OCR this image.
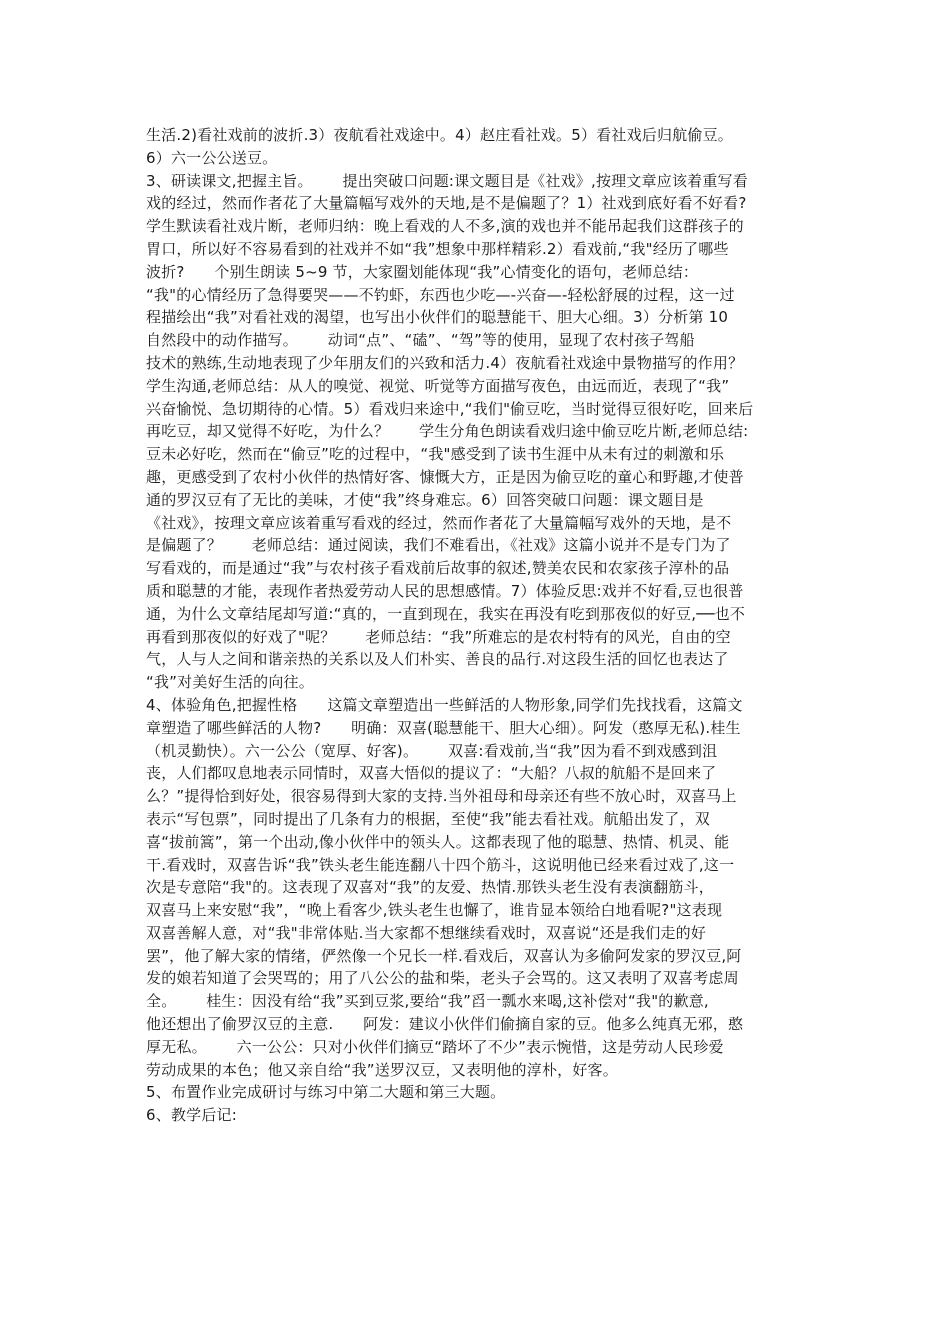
生活.2)看社戏前的波折.3）夜航看社戏途中。4）赵庄看社戏。5）看社戏后归航偷豆。
6）六一公公送豆。
3、研读课文,把握主旨。      提出突破口问题:课文题目是《社戏》,按理文章应该着重写看
戏的经过，然而作者花了大量篇幅写戏外的天地,是不是偏题了？1）社戏到底好看不好看?
学生默读看社戏片断，老师归纳：晚上看戏的人不多,演的戏也并不能吊起我们这群孩子的
胃口，所以好不容易看到的社戏并不如“我”想象中那样精彩.2）看戏前,“我"经历了哪些
波折?      个别生朗读 5~9 节，大家圈划能体现“我”心情变化的语句，老师总结：
“我"的心情经历了急得要哭——不钓虾，东西也少吃—-兴奋—-轻松舒展的过程，这一过
程描绘出“我”对看社戏的渴望，也写出小伙伴们的聪慧能干、胆大心细。3）分析第 10
自然段中的动作描写。      动词“点”、“磕”、“驾”等的使用，显现了农村孩子驾船
技术的熟练,生动地表现了少年朋友们的兴致和活力.4）夜航看社戏途中景物描写的作用？
学生沟通,老师总结：从人的嗅觉、视觉、听觉等方面描写夜色，由远而近，表现了“我”
兴奋愉悦、急切期待的心情。5）看戏归来途中,“我们"偷豆吃，当时觉得豆很好吃，回来后
再吃豆，却又觉得不好吃，为什么？      学生分角色朗读看戏归途中偷豆吃片断,老师总结:
豆未必好吃，然而在“偷豆”吃的过程中，“我"感受到了读书生涯中从未有过的刺激和乐
趣，更感受到了农村小伙伴的热情好客、慷慨大方，正是因为偷豆吃的童心和野趣,才使普
通的罗汉豆有了无比的美味，才使“我”终身难忘。6）回答突破口问题：课文题目是
《社戏》，按理文章应该着重写看戏的经过，然而作者花了大量篇幅写戏外的天地，是不
是偏题了？      老师总结：通过阅读，我们不难看出，《社戏》这篇小说并不是专门为了
写看戏的，而是通过“我”与农村孩子看戏前后故事的叙述,赞美农民和农家孩子淳朴的品
质和聪慧的才能，表现作者热爱劳动人民的思想感情。7）体验反思:戏并不好看,豆也很普
通，为什么文章结尾却写道:“真的，一直到现在，我实在再没有吃到那夜似的好豆,──也不
再看到那夜似的好戏了"呢？      老师总结：“我”所难忘的是农村特有的风光，自由的空
气，人与人之间和谐亲热的关系以及人们朴实、善良的品行.对这段生活的回忆也表达了
“我”对美好生活的向往。
4、体验角色,把握性格      这篇文章塑造出一些鲜活的人物形象,同学们先找找看，这篇文
章塑造了哪些鲜活的人物?      明确：双喜(聪慧能干、胆大心细）。阿发（憨厚无私).桂生
（机灵勤快）。六一公公（宽厚、好客)。      双喜:看戏前,当“我”因为看不到戏感到沮
丧，人们都叹息地表示同情时，双喜大悟似的提议了：“大船？八叔的航船不是回来了
么？”提得恰到好处，很容易得到大家的支持.当外祖母和母亲还有些不放心时，双喜马上
表示“写包票”，同时提出了几条有力的根据，至使“我”能去看社戏。航船出发了，双
喜“拔前篙”，第一个出动,像小伙伴中的领头人。这都表现了他的聪慧、热情、机灵、能
干.看戏时，双喜告诉“我”铁头老生能连翻八十四个筋斗，这说明他已经来看过戏了,这一
次是专意陪“我"的。这表现了双喜对“我”的友爱、热情.那铁头老生没有表演翻筋斗，
双喜马上来安慰“我”，“晚上看客少,铁头老生也懈了，谁肯显本领给白地看呢?"这表现
双喜善解人意，对“我"非常体贴.当大家都不想继续看戏时，双喜说“还是我们走的好
罢”，他了解大家的情绪，俨然像一个兄长一样.看戏后，双喜认为多偷阿发家的罗汉豆,阿
发的娘若知道了会哭骂的；用了八公公的盐和柴，老头子会骂的。这又表明了双喜考虑周
全。      桂生：因没有给“我”买到豆浆,要给“我”舀一瓢水来喝,这补偿对“我"的歉意,
他还想出了偷罗汉豆的主意.      阿发：建议小伙伴们偷摘自家的豆。他多么纯真无邪，憨
厚无私。      六一公公：只对小伙伴们摘豆“踏坏了不少”表示惋惜，这是劳动人民珍爱
劳动成果的本色；他又亲自给“我”送罗汉豆，又表明他的淳朴，好客。
5、布置作业完成研讨与练习中第二大题和第三大题。
6、教学后记:
